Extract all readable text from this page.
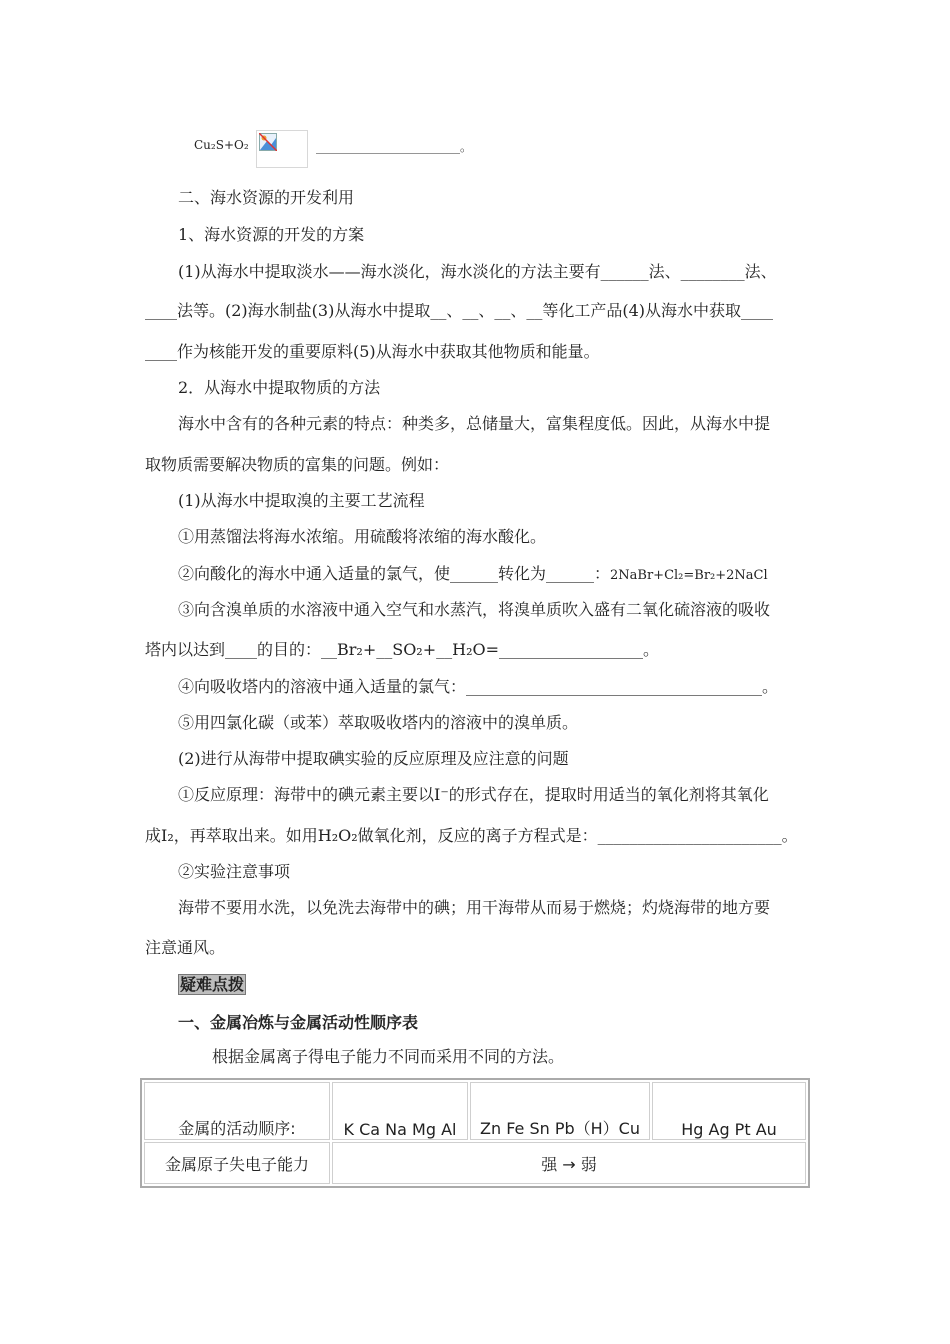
Cu₂S+O₂	________________________。
二、海水资源的开发利用
1、海水资源的开发的方案
(1)从海水中提取淡水——海水淡化，海水淡化的方法主要有______法、________法、
____法等。(2)海水制盐(3)从海水中提取__、__、__、__等化工产品(4)从海水中获取____
____作为核能开发的重要原料(5)从海水中获取其他物质和能量。
2．从海水中提取物质的方法
海水中含有的各种元素的特点：种类多，总储量大，富集程度低。因此，从海水中提
取物质需要解决物质的富集的问题。例如：
(1)从海水中提取溴的主要工艺流程
①用蒸馏法将海水浓缩。用硫酸将浓缩的海水酸化。
②向酸化的海水中通入适量的氯气，使______转化为______：2NaBr+Cl₂=Br₂+2NaCl
③向含溴单质的水溶液中通入空气和水蒸汽，将溴单质吹入盛有二氧化硫溶液的吸收
塔内以达到____的目的：__Br₂+__SO₂+__H₂O=__________________。
④向吸收塔内的溶液中通入适量的氯气：_____________________________________。
⑤用四氯化碳（或苯）萃取吸收塔内的溶液中的溴单质。
(2)进行从海带中提取碘实验的反应原理及应注意的问题
①反应原理：海带中的碘元素主要以I⁻的形式存在，提取时用适当的氧化剂将其氧化
成I₂，再萃取出来。如用H₂O₂做氧化剂，反应的离子方程式是：_______________________。
②实验注意事项
海带不要用水洗，以免洗去海带中的碘；用干海带从而易于燃烧；灼烧海带的地方要
注意通风。
疑难点拨
一、金属冶炼与金属活动性顺序表
根据金属离子得电子能力不同而采用不同的方法。
金属的活动顺序:	K Ca Na Mg Al	Zn Fe Sn Pb（H）Cu	Hg Ag Pt Au
金属原子失电子能力	强 → 弱		
